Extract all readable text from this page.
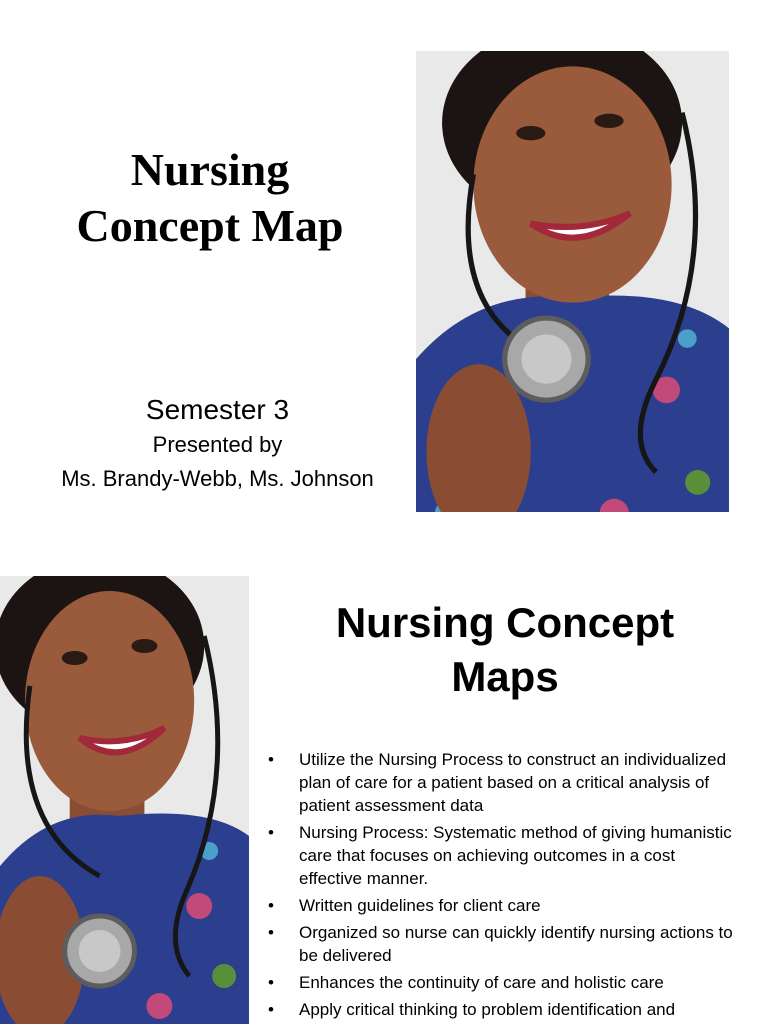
Nursing
Concept Map
Semester 3
Presented by
Ms. Brandy-Webb, Ms. Johnson
Nursing Concept
Maps
• Utilize the Nursing Process to construct an individualized plan of care for a patient based on a critical analysis of patient assessment data
• Nursing Process: Systematic method of giving humanistic care that focuses on achieving outcomes in a cost effective manner.
• Written guidelines for client care
• Organized so nurse can quickly identify nursing actions to be delivered
• Enhances the continuity of care and holistic care
• Apply critical thinking to problem identification and
